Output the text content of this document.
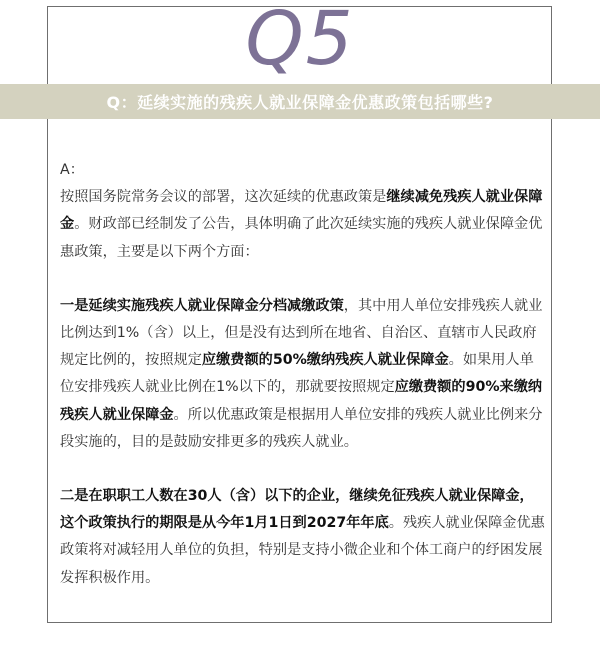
Q5
Q：延续实施的残疾人就业保障金优惠政策包括哪些?

A：
按照国务院常务会议的部署，这次延续的优惠政策是继续减免残疾人就业保障金。财政部已经制发了公告，具体明确了此次延续实施的残疾人就业保障金优惠政策，主要是以下两个方面：

一是延续实施残疾人就业保障金分档减缴政策，其中用人单位安排残疾人就业比例达到1%（含）以上，但是没有达到所在地省、自治区、直辖市人民政府规定比例的，按照规定应缴费额的50%缴纳残疾人就业保障金。如果用人单位安排残疾人就业比例在1%以下的，那就要按照规定应缴费额的90%来缴纳残疾人就业保障金。所以优惠政策是根据用人单位安排的残疾人就业比例来分段实施的，目的是鼓励安排更多的残疾人就业。

二是在职职工人数在30人（含）以下的企业，继续免征残疾人就业保障金，这个政策执行的期限是从今年1月1日到2027年年底。残疾人就业保障金优惠政策将对减轻用人单位的负担，特别是支持小微企业和个体工商户的纾困发展发挥积极作用。
